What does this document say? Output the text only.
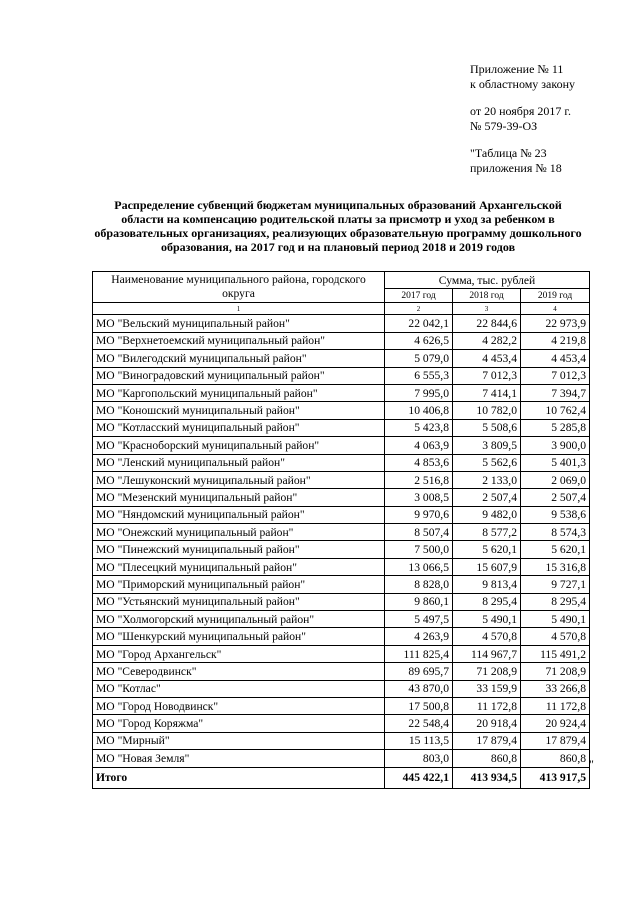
Приложение № 11
к областному закону
от 20 ноября 2017 г.
№ 579-39-ОЗ
"Таблица № 23
приложения № 18
Распределение субвенций бюджетам муниципальных образований Архангельской области на компенсацию родительской платы за присмотр и уход за ребенком в образовательных организациях, реализующих образовательную программу дошкольного образования, на 2017 год и на плановый период 2018 и 2019 годов
Наименование муниципального района, городского округа	Сумма, тыс. рублей		
	2017 год	2018 год	2019 год
1	2	3	4
МО "Вельский муниципальный район"	22 042,1	22 844,6	22 973,9
МО "Верхнетоемский муниципальный район"	4 626,5	4 282,2	4 219,8
МО "Вилегодский муниципальный район"	5 079,0	4 453,4	4 453,4
МО "Виноградовский муниципальный район"	6 555,3	7 012,3	7 012,3
МО "Каргопольский муниципальный район"	7 995,0	7 414,1	7 394,7
МО "Коношский муниципальный район"	10 406,8	10 782,0	10 762,4
МО "Котласский муниципальный район"	5 423,8	5 508,6	5 285,8
МО "Красноборский муниципальный район"	4 063,9	3 809,5	3 900,0
МО "Ленский муниципальный район"	4 853,6	5 562,6	5 401,3
МО "Лешуконский муниципальный район"	2 516,8	2 133,0	2 069,0
МО "Мезенский муниципальный район"	3 008,5	2 507,4	2 507,4
МО "Няндомский муниципальный район"	9 970,6	9 482,0	9 538,6
МО "Онежский муниципальный район"	8 507,4	8 577,2	8 574,3
МО "Пинежский муниципальный район"	7 500,0	5 620,1	5 620,1
МО "Плесецкий муниципальный район"	13 066,5	15 607,9	15 316,8
МО "Приморский муниципальный район"	8 828,0	9 813,4	9 727,1
МО "Устьянский муниципальный район"	9 860,1	8 295,4	8 295,4
МО "Холмогорский муниципальный район"	5 497,5	5 490,1	5 490,1
МО "Шенкурский муниципальный район"	4 263,9	4 570,8	4 570,8
МО "Город Архангельск"	111 825,4	114 967,7	115 491,2
МО "Северодвинск"	89 695,7	71 208,9	71 208,9
МО "Котлас"	43 870,0	33 159,9	33 266,8
МО "Город Новодвинск"	17 500,8	11 172,8	11 172,8
МО "Город Коряжма"	22 548,4	20 918,4	20 924,4
МО "Мирный"	15 113,5	17 879,4	17 879,4
МО "Новая Земля"	803,0	860,8	860,8
Итого	445 422,1	413 934,5	413 917,5
"
